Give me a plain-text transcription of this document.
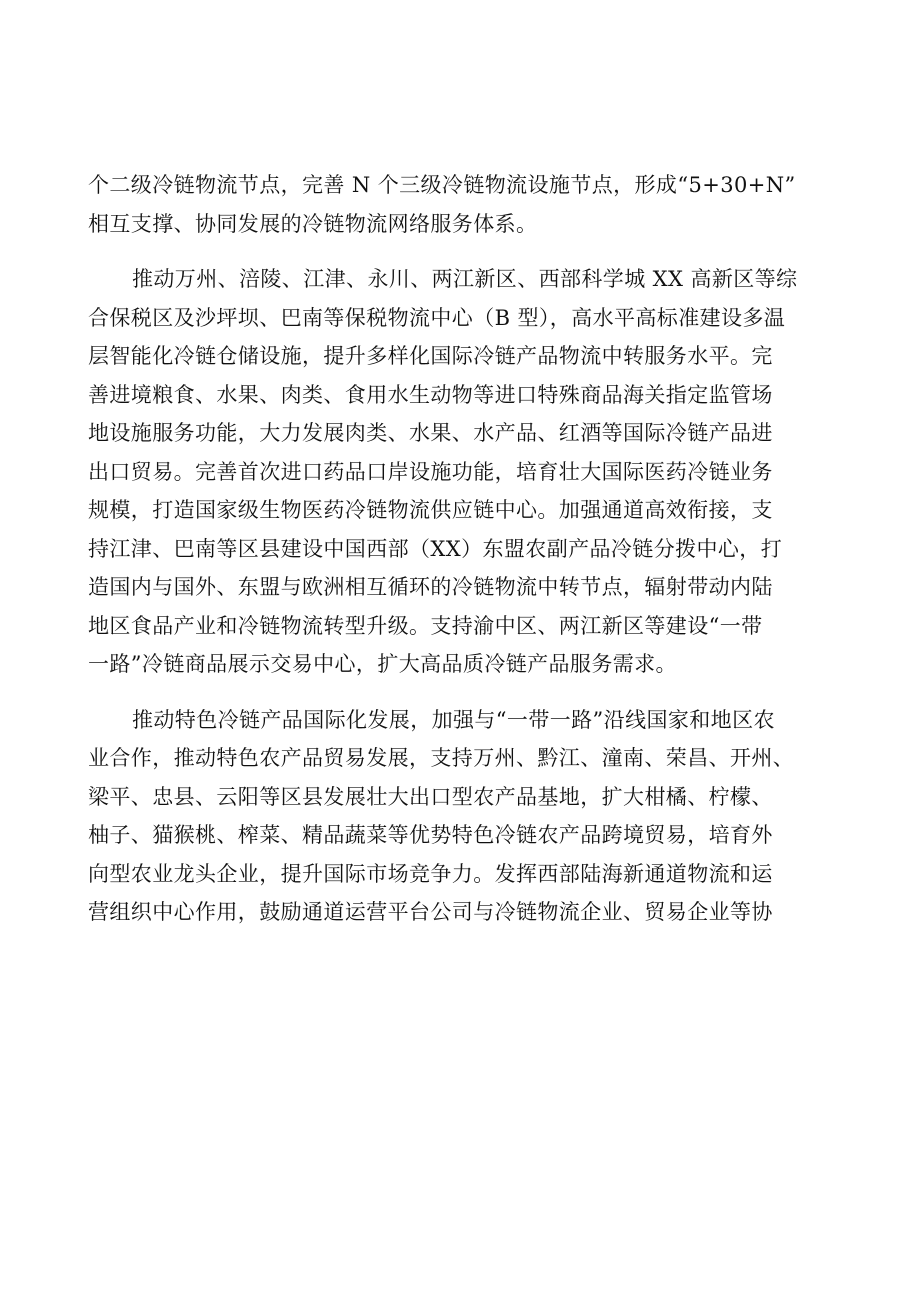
个二级冷链物流节点，完善 N 个三级冷链物流设施节点，形成“5+30+N”
相互支撑、协同发展的冷链物流网络服务体系。
推动万州、涪陵、江津、永川、两江新区、西部科学城 XX 高新区等综
合保税区及沙坪坝、巴南等保税物流中心（B 型），高水平高标准建设多温
层智能化冷链仓储设施，提升多样化国际冷链产品物流中转服务水平。完
善进境粮食、水果、肉类、食用水生动物等进口特殊商品海关指定监管场
地设施服务功能，大力发展肉类、水果、水产品、红酒等国际冷链产品进
出口贸易。完善首次进口药品口岸设施功能，培育壮大国际医药冷链业务
规模，打造国家级生物医药冷链物流供应链中心。加强通道高效衔接，支
持江津、巴南等区县建设中国西部（XX）东盟农副产品冷链分拨中心，打
造国内与国外、东盟与欧洲相互循环的冷链物流中转节点，辐射带动内陆
地区食品产业和冷链物流转型升级。支持渝中区、两江新区等建设“一带
一路”冷链商品展示交易中心，扩大高品质冷链产品服务需求。
推动特色冷链产品国际化发展，加强与“一带一路”沿线国家和地区农
业合作，推动特色农产品贸易发展，支持万州、黔江、潼南、荣昌、开州、
梁平、忠县、云阳等区县发展壮大出口型农产品基地，扩大柑橘、柠檬、
柚子、猫猴桃、榨菜、精品蔬菜等优势特色冷链农产品跨境贸易，培育外
向型农业龙头企业，提升国际市场竞争力。发挥西部陆海新通道物流和运
营组织中心作用，鼓励通道运营平台公司与冷链物流企业、贸易企业等协
